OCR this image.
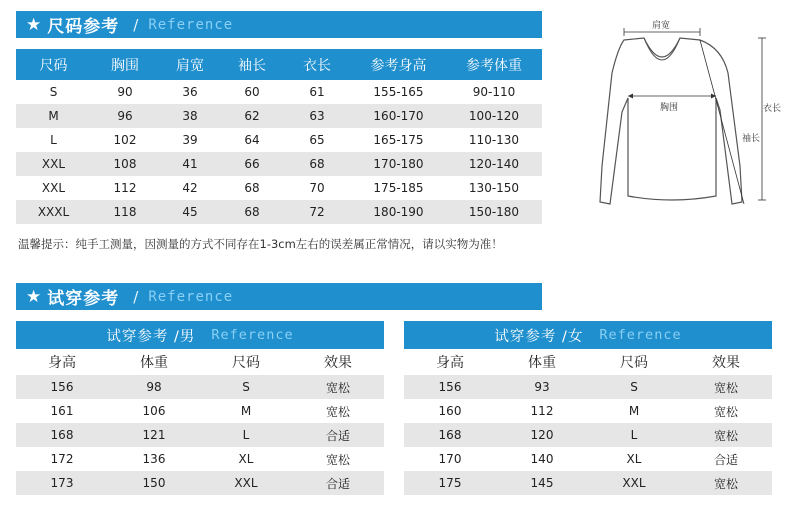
★ 尺码参考 / Reference
尺码	胸围	肩宽	袖长	衣长	参考身高	参考体重
S	90	36	60	61	155-165	90-110
M	96	38	62	63	160-170	100-120
L	102	39	64	65	165-175	110-130
XXL	108	41	66	68	170-180	120-140
XXL	112	42	68	70	175-185	130-150
XXXL	118	45	68	72	180-190	150-180
肩宽
胸围	衣长
袖长
温馨提示：纯手工测量，因测量的方式不同存在1-3cm左右的误差属正常情况，请以实物为准！
★ 试穿参考 / Reference
试穿参考 /男 Reference
身高	体重	尺码	效果
156	98	S	宽松
161	106	M	宽松
168	121	L	合适
172	136	XL	宽松
173	150	XXL	合适
试穿参考 /女 Reference
身高	体重	尺码	效果
156	93	S	宽松
160	112	M	宽松
168	120	L	宽松
170	140	XL	合适
175	145	XXL	宽松
